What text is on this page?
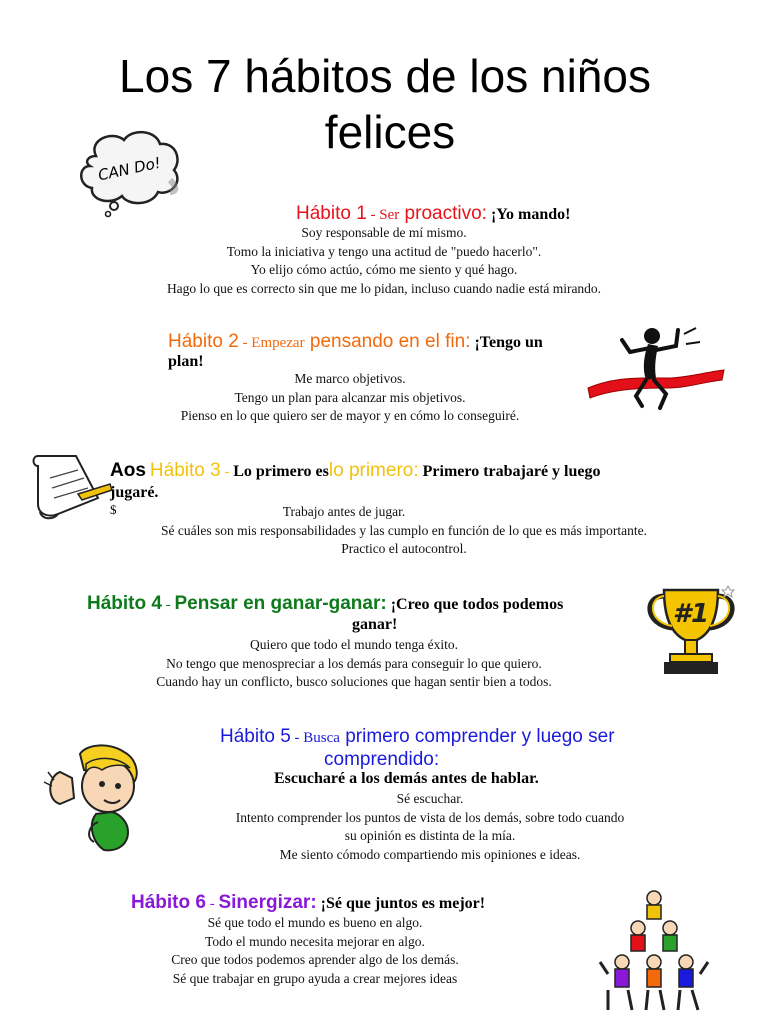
Los 7 hábitos de los niños
felices
CAN Do!
Hábito 1 - Ser proactivo: ¡Yo mando!
Soy responsable de mí mismo.
Tomo la iniciativa y tengo una actitud de "puedo hacerlo".
Yo elijo cómo actúo, cómo me siento y qué hago.
Hago lo que es correcto sin que me lo pidan, incluso cuando nadie está mirando.
Hábito 2 - Empezar pensando en el fin: ¡Tengo un
plan!
Me marco objetivos.
Tengo un plan para alcanzar mis objetivos.
Pienso en lo que quiero ser de mayor y en cómo lo conseguiré.
Aos Hábito 3 - Lo primero eslo primero: Primero trabajaré y luego
jugaré.
$	Trabajo antes de jugar.
Sé cuáles son mis responsabilidades y las cumplo en función de lo que es más importante.
Practico el autocontrol.
Hábito 4 - Pensar en ganar-ganar: ¡Creo que todos podemos
ganar!
Quiero que todo el mundo tenga éxito.
No tengo que menospreciar a los demás para conseguir lo que quiero.
Cuando hay un conflicto, busco soluciones que hagan sentir bien a todos.
#1
Hábito 5 - Busca primero comprender y luego ser
comprendido:
Escucharé a los demás antes de hablar.
Sé escuchar.
Intento comprender los puntos de vista de los demás, sobre todo cuando
su opinión es distinta de la mía.
Me siento cómodo compartiendo mis opiniones e ideas.
Hábito 6 - Sinergizar: ¡Sé que juntos es mejor!
Sé que todo el mundo es bueno en algo.
Todo el mundo necesita mejorar en algo.
Creo que todos podemos aprender algo de los demás.
Sé que trabajar en grupo ayuda a crear mejores ideas
